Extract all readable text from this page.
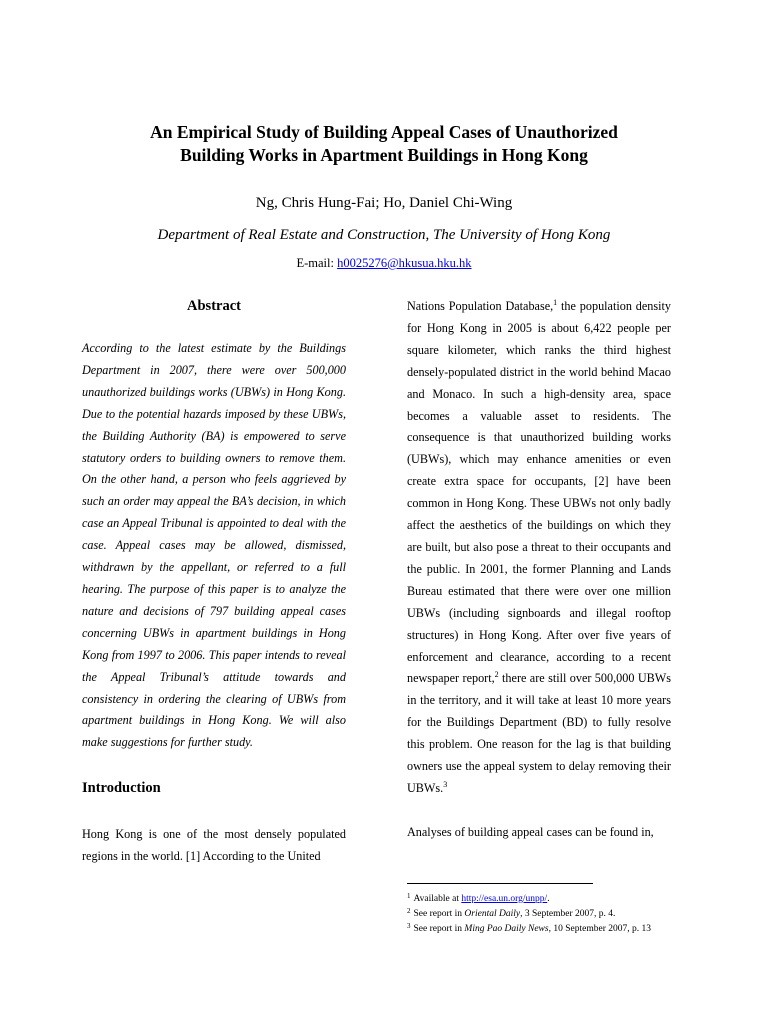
An Empirical Study of Building Appeal Cases of Unauthorized
Building Works in Apartment Buildings in Hong Kong
Ng, Chris Hung-Fai; Ho, Daniel Chi-Wing
Department of Real Estate and Construction, The University of Hong Kong
E-mail: h0025276@hkusua.hku.hk
Abstract

According to the latest estimate by the Buildings Department in 2007, there were over 500,000 unauthorized buildings works (UBWs) in Hong Kong. Due to the potential hazards imposed by these UBWs, the Building Authority (BA) is empowered to serve statutory orders to building owners to remove them. On the other hand, a person who feels aggrieved by such an order may appeal the BA’s decision, in which case an Appeal Tribunal is appointed to deal with the case. Appeal cases may be allowed, dismissed, withdrawn by the appellant, or referred to a full hearing. The purpose of this paper is to analyze the nature and decisions of 797 building appeal cases concerning UBWs in apartment buildings in Hong Kong from 1997 to 2006. This paper intends to reveal the Appeal Tribunal’s attitude towards and consistency in ordering the clearing of UBWs from apartment buildings in Hong Kong. We will also make suggestions for further study.

Introduction

Hong Kong is one of the most densely populated regions in the world. [1] According to the United

Nations Population Database,$^1$ the population density for Hong Kong in 2005 is about 6,422 people per square kilometer, which ranks the third highest densely-populated district in the world behind Macao and Monaco. In such a high-density area, space becomes a valuable asset to residents. The consequence is that unauthorized building works (UBWs), which may enhance amenities or even create extra space for occupants, [2] have been common in Hong Kong. These UBWs not only badly affect the aesthetics of the buildings on which they are built, but also pose a threat to their occupants and the public. In 2001, the former Planning and Lands Bureau estimated that there were over one million UBWs (including signboards and illegal rooftop structures) in Hong Kong. After over five years of enforcement and clearance, according to a recent newspaper report,$^2$ there are still over 500,000 UBWs in the territory, and it will take at least 10 more years for the Buildings Department (BD) to fully resolve this problem. One reason for the lag is that building owners use the appeal system to delay removing their UBWs.$^3$

Analyses of building appeal cases can be found in,

$^1$ Available at http://esa.un.org/unpp/.

$^2$ See report in Oriental Daily, 3 September 2007, p. 4.

$^3$ See report in Ming Pao Daily News, 10 September 2007, p. 13
